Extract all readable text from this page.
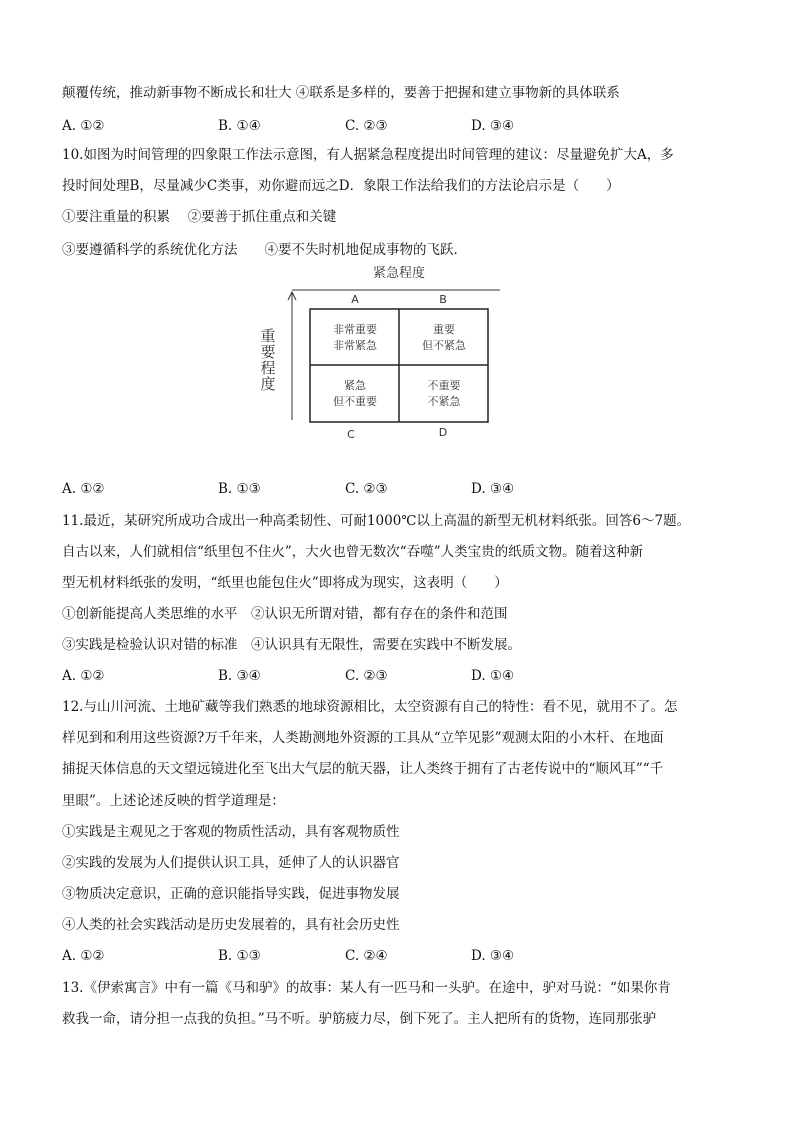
颠覆传统，推动新事物不断成长和壮大 ④联系是多样的，要善于把握和建立事物新的具体联系
A. ①②	B. ①④	C. ②③	D. ③④
10.如图为时间管理的四象限工作法示意图，有人据紧急程度提出时间管理的建议：尽量避免扩大A，多
投时间处理B，尽量减少C类事，劝你避而远之D．象限工作法给我们的方法论启示是（　　）
①要注重量的积累　 ②要善于抓住重点和关键
③要遵循科学的系统优化方法　　④要不失时机地促成事物的飞跃．
紧急程度
重
要
程
度
A	B
非常重要
非常紧急
重要
但不紧急
紧急
但不重要
不重要
不紧急
C	D
A. ①②	B. ①③	C. ②③	D. ③④
11.最近，某研究所成功合成出一种高柔韧性、可耐1000℃以上高温的新型无机材料纸张。回答6～7题。
自古以来，人们就相信“纸里包不住火”，大火也曾无数次“吞噬”人类宝贵的纸质文物。随着这种新
型无机材料纸张的发明，“纸里也能包住火”即将成为现实，这表明（　　）
①创新能提高人类思维的水平　②认识无所谓对错，都有存在的条件和范围
③实践是检验认识对错的标准　④认识具有无限性，需要在实践中不断发展。
A. ①②	B. ③④	C. ②③	D. ①④
12.与山川河流、土地矿藏等我们熟悉的地球资源相比，太空资源有自己的特性：看不见，就用不了。怎
样见到和利用这些资源?万千年来，人类勘测地外资源的工具从“立竿见影”观测太阳的小木杆、在地面
捕捉天体信息的天文望远镜进化至飞出大气层的航天器，让人类终于拥有了古老传说中的“顺风耳”“千
里眼”。上述论述反映的哲学道理是：
①实践是主观见之于客观的物质性活动，具有客观物质性
②实践的发展为人们提供认识工具，延伸了人的认识器官
③物质决定意识，正确的意识能指导实践，促进事物发展
④人类的社会实践活动是历史发展着的，具有社会历史性
A. ①②	B. ①③	C. ②④	D. ③④
13.《伊索寓言》中有一篇《马和驴》的故事：某人有一匹马和一头驴。在途中，驴对马说：“如果你肯
救我一命，请分担一点我的负担。”马不听。驴筋疲力尽，倒下死了。主人把所有的货物，连同那张驴
